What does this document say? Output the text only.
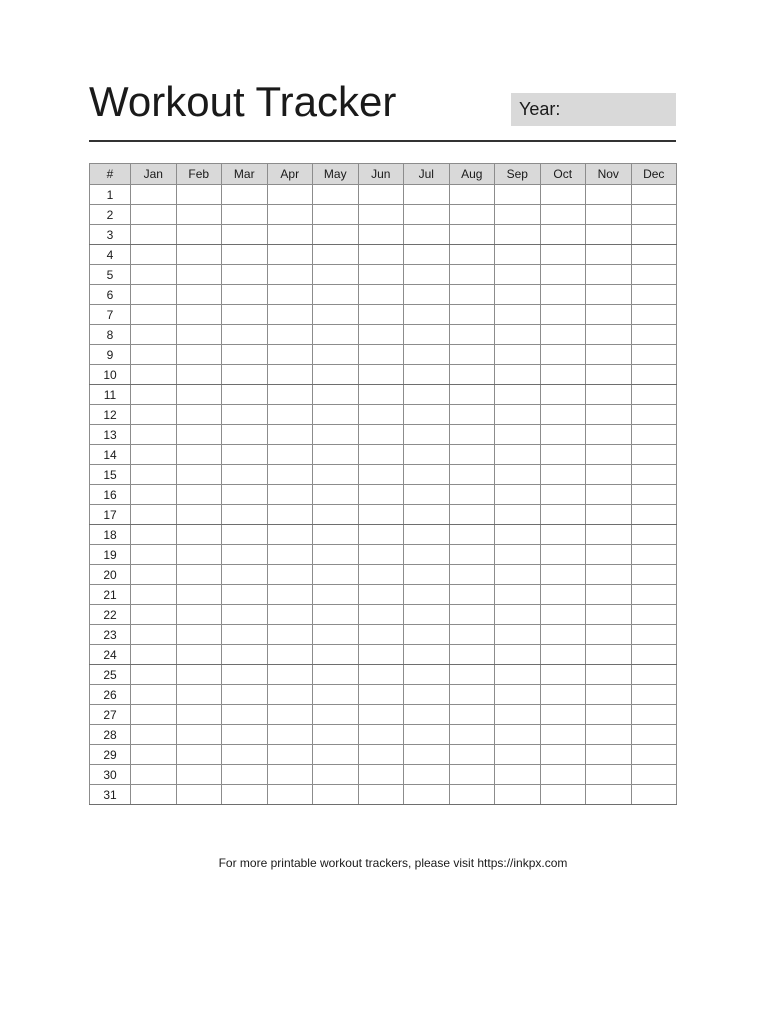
Workout Tracker	Year:
#	Jan	Feb	Mar	Apr	May	Jun	Jul	Aug	Sep	Oct	Nov	Dec
1												
2												
3												
4												
5												
6												
7												
8												
9												
10												
11												
12												
13												
14												
15												
16												
17												
18												
19												
20												
21												
22												
23												
24												
25												
26												
27												
28												
29												
30												
31												

For more printable workout trackers, please visit https://inkpx.com
